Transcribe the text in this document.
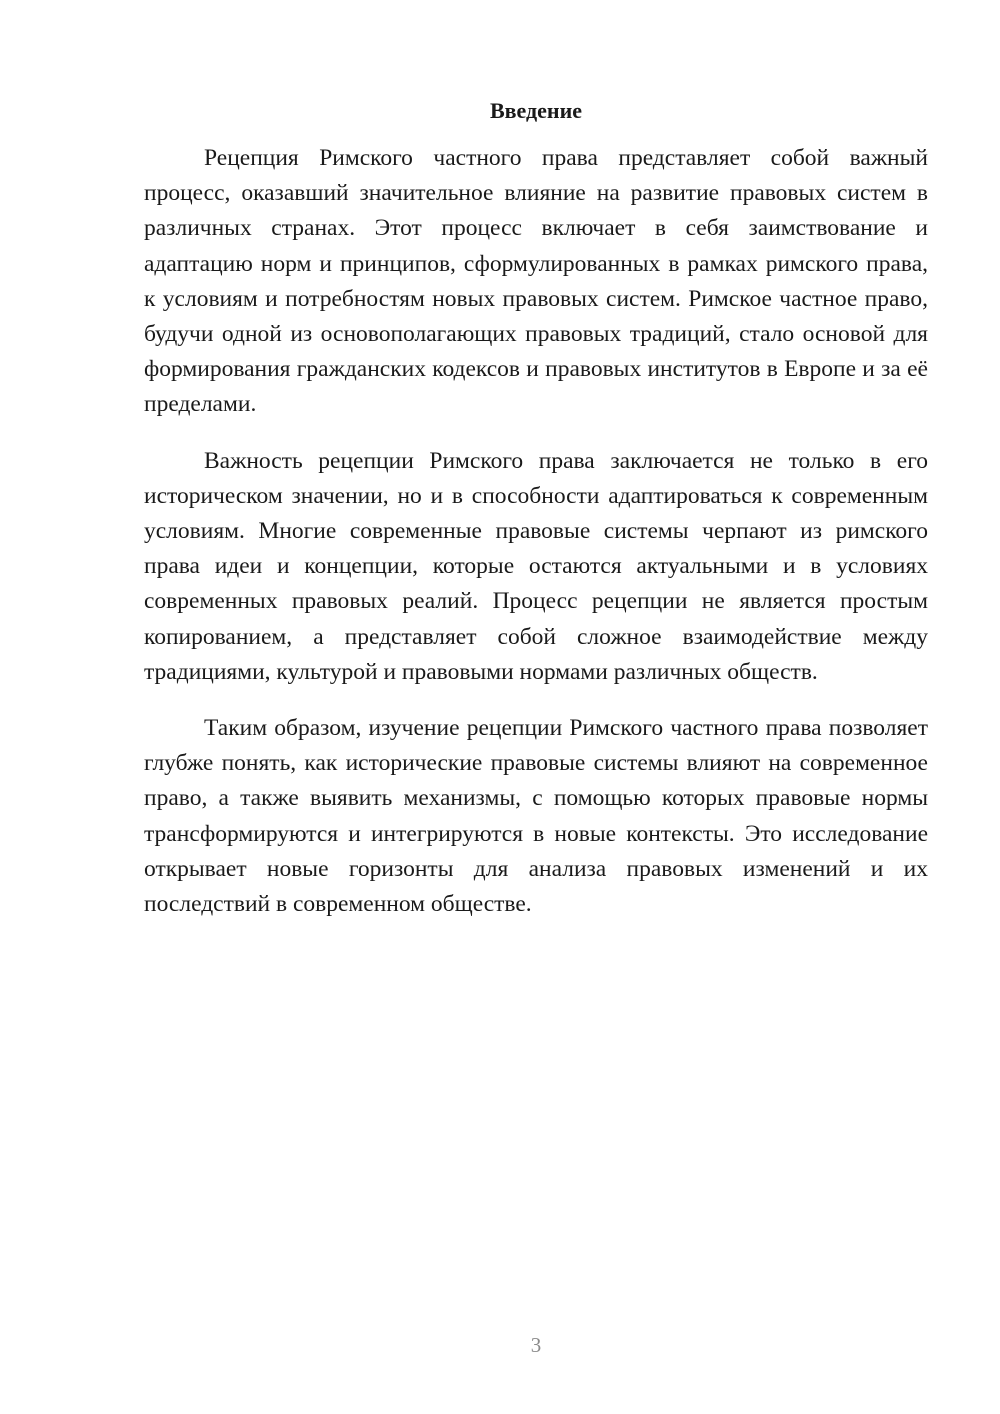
Введение

Рецепция Римского частного права представляет собой важный процесс, оказавший значительное влияние на развитие правовых систем в различных странах. Этот процесс включает в себя заимствование и адаптацию норм и принципов, сформулированных в рамках римского права, к условиям и потребностям новых правовых систем. Римское частное право, будучи одной из основополагающих правовых традиций, стало основой для формирования гражданских кодексов и правовых институтов в Европе и за её пределами.

Важность рецепции Римского права заключается не только в его историческом значении, но и в способности адаптироваться к современным условиям. Многие современные правовые системы черпают из римского права идеи и концепции, которые остаются актуальными и в условиях современных правовых реалий. Процесс рецепции не является простым копированием, а представляет собой сложное взаимодействие между традициями, культурой и правовыми нормами различных обществ.

Таким образом, изучение рецепции Римского частного права позволяет глубже понять, как исторические правовые системы влияют на современное право, а также выявить механизмы, с помощью которых правовые нормы трансформируются и интегрируются в новые контексты. Это исследование открывает новые горизонты для анализа правовых изменений и их последствий в современном обществе.

3
